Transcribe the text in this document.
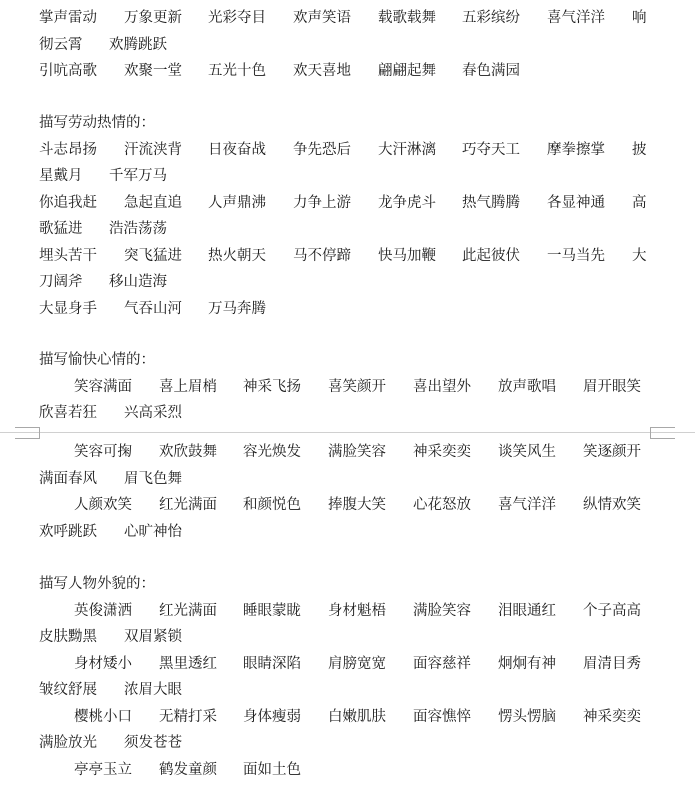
掌声雷动 万象更新 光彩夺目 欢声笑语 载歌载舞 五彩缤纷 喜气洋洋 响
彻云霄 欢腾跳跃
引吭高歌 欢聚一堂 五光十色 欢天喜地 翩翩起舞 春色满园
描写劳动热情的：
斗志昂扬 汗流浃背 日夜奋战 争先恐后 大汗淋漓 巧夺天工 摩拳擦掌 披
星戴月 千军万马
你追我赶 急起直追 人声鼎沸 力争上游 龙争虎斗 热气腾腾 各显神通 高
歌猛进 浩浩荡荡
埋头苦干 突飞猛进 热火朝天 马不停蹄 快马加鞭 此起彼伏 一马当先 大
刀阔斧 移山造海
大显身手 气吞山河 万马奔腾
描写愉快心情的：
笑容满面 喜上眉梢 神采飞扬 喜笑颜开 喜出望外 放声歌唱 眉开眼笑
欣喜若狂 兴高采烈
笑容可掬 欢欣鼓舞 容光焕发 满脸笑容 神采奕奕 谈笑风生 笑逐颜开
满面春风 眉飞色舞
人颜欢笑 红光满面 和颜悦色 捧腹大笑 心花怒放 喜气洋洋 纵情欢笑
欢呼跳跃 心旷神怡
描写人物外貌的：
英俊潇洒 红光满面 睡眼蒙眬 身材魁梧 满脸笑容 泪眼通红 个子高高
皮肤黝黑 双眉紧锁
身材矮小 黑里透红 眼睛深陷 肩膀宽宽 面容慈祥 炯炯有神 眉清目秀
皱纹舒展 浓眉大眼
樱桃小口 无精打采 身体瘦弱 白嫩肌肤 面容憔悴 愣头愣脑 神采奕奕
满脸放光 须发苍苍
亭亭玉立 鹤发童颜 面如土色
